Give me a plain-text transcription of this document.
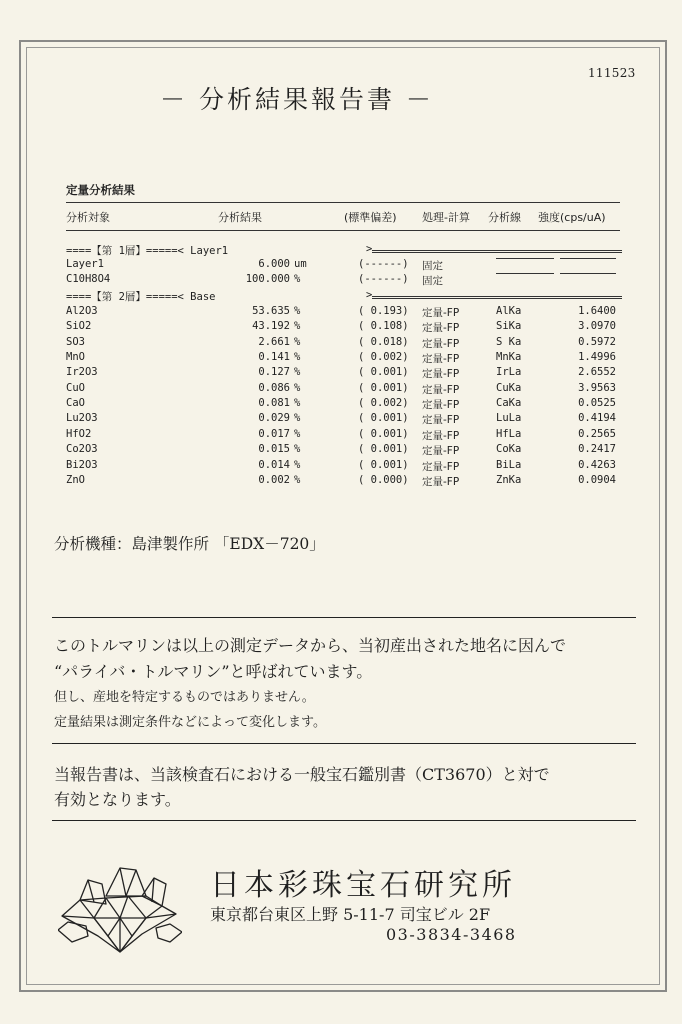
111523
－ 分析結果報告書 －
定量分析結果
分析対象	分析結果	(標準偏差) 処理-計算 分析線 強度(cps/uA)
====【第 1層】=====< Layer1	>
Layer1	6.000 um	(------) 固定
C10H8O4	100.000 %	(------) 固定
====【第 2層】=====< Base	>
Al2O3	53.635 %	( 0.193) 定量-FP	AlKa	1.6400
SiO2	43.192 %	( 0.108) 定量-FP	SiKa	3.0970
SO3	2.661 %	( 0.018) 定量-FP	S Ka	0.5972
MnO	0.141 %	( 0.002) 定量-FP	MnKa	1.4996
Ir2O3	0.127 %	( 0.001) 定量-FP	IrLa	2.6552
CuO	0.086 %	( 0.001) 定量-FP	CuKa	3.9563
CaO	0.081 %	( 0.002) 定量-FP	CaKa	0.0525
Lu2O3	0.029 %	( 0.001) 定量-FP	LuLa	0.4194
HfO2	0.017 %	( 0.001) 定量-FP	HfLa	0.2565
Co2O3	0.015 %	( 0.001) 定量-FP	CoKa	0.2417
Bi2O3	0.014 %	( 0.001) 定量-FP	BiLa	0.4263
ZnO	0.002 %	( 0.000) 定量-FP	ZnKa	0.0904
分析機種：島津製作所 「EDX－720」
このトルマリンは以上の測定データから、当初産出された地名に因んで
“パライバ・トルマリン”と呼ばれています。
但し、産地を特定するものではありません。
定量結果は測定条件などによって変化します。
当報告書は、当該検査石における一般宝石鑑別書（CT3670）と対で
有効となります。
日本彩珠宝石研究所
東京都台東区上野 5-11-7 司宝ビル 2F
03-3834-3468
